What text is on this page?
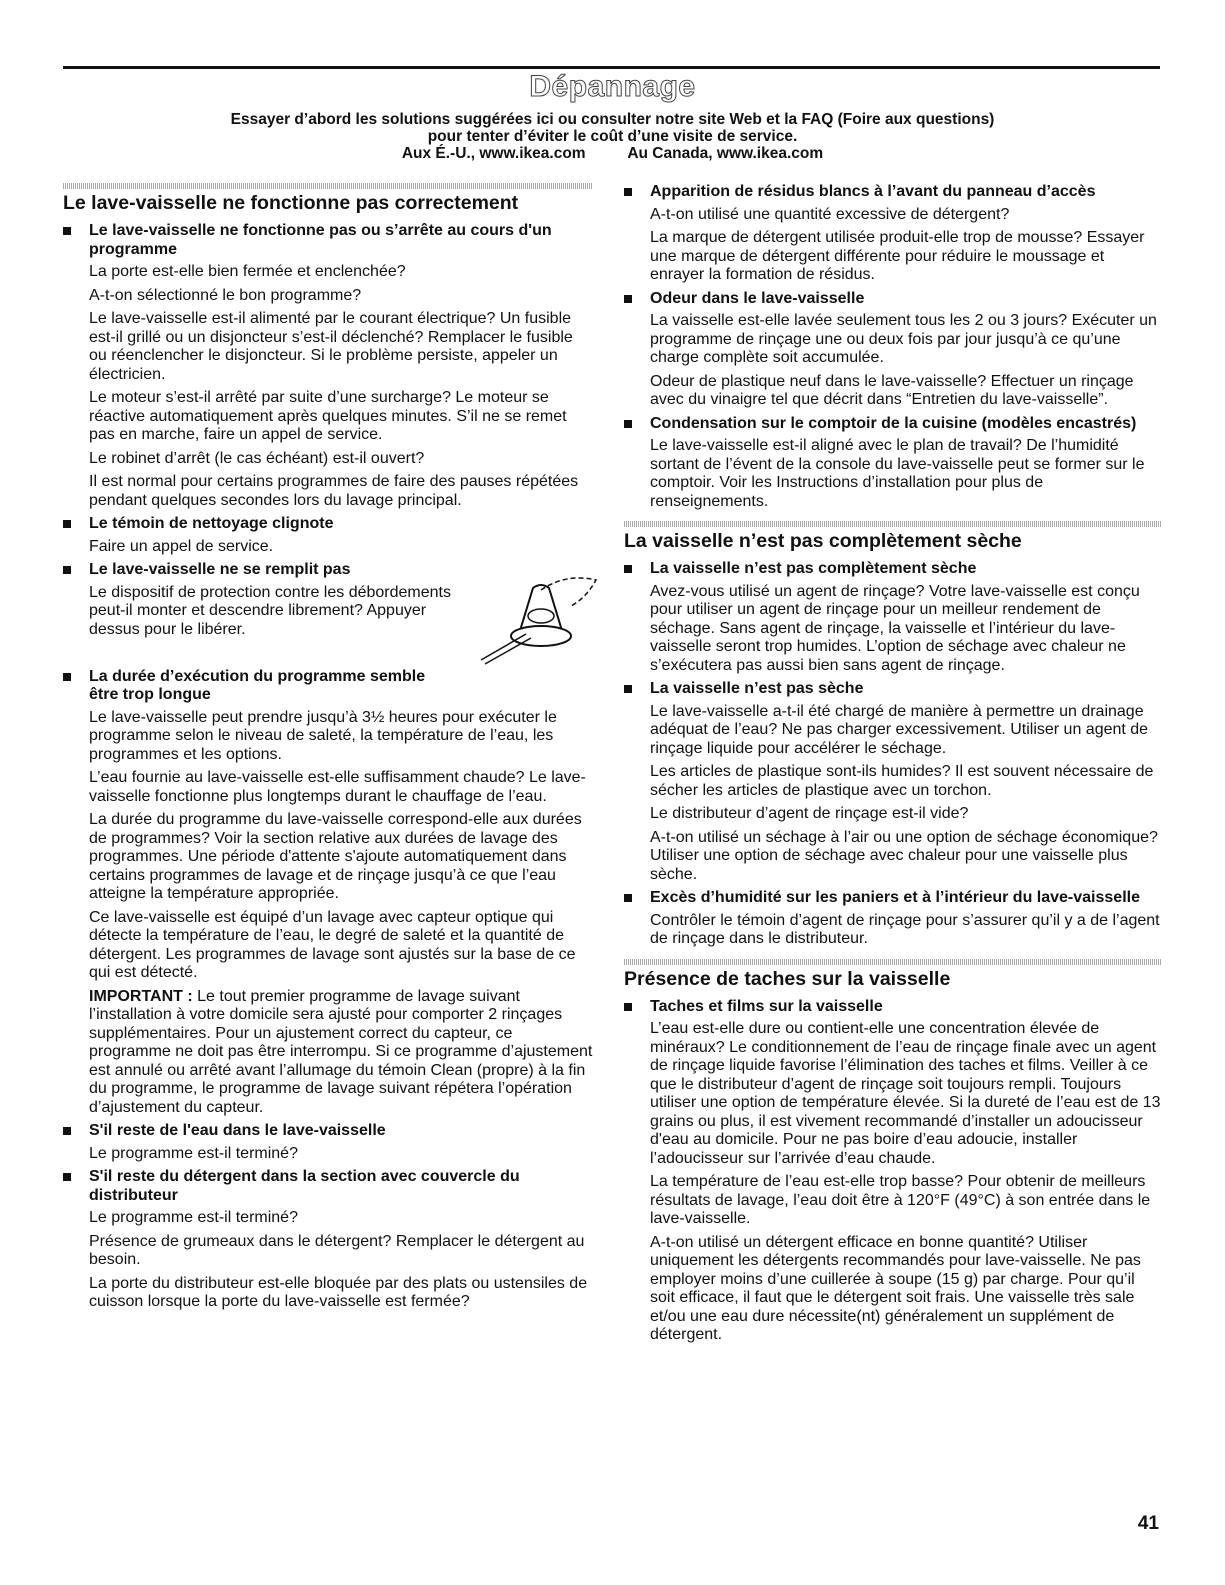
Dépannage
Essayer d’abord les solutions suggérées ici ou consulter notre site Web et la FAQ (Foire aux questions)
pour tenter d’éviter le coût d’une visite de service.
Aux É.-U., www.ikea.com	Au Canada, www.ikea.com
Le lave-vaisselle ne fonctionne pas correctement
Le lave-vaisselle ne fonctionne pas ou s’arrête au cours d'un programme

La porte est-elle bien fermée et enclenchée?

A-t-on sélectionné le bon programme?

Le lave-vaisselle est-il alimenté par le courant électrique? Un fusible est-il grillé ou un disjoncteur s’est-il déclenché? Remplacer le fusible ou réenclencher le disjoncteur. Si le problème persiste, appeler un électricien.

Le moteur s’est-il arrêté par suite d’une surcharge? Le moteur se réactive automatiquement après quelques minutes. S’il ne se remet pas en marche, faire un appel de service.

Le robinet d’arrêt (le cas échéant) est-il ouvert?

Il est normal pour certains programmes de faire des pauses répétées pendant quelques secondes lors du lavage principal.

Le témoin de nettoyage clignote

Faire un appel de service.

Le lave-vaisselle ne se remplit pas

Le dispositif de protection contre les débordements peut-il monter et descendre librement? Appuyer dessus pour le libérer.

La durée d’exécution du programme semble être trop longue

Le lave-vaisselle peut prendre jusqu’à 3½ heures pour exécuter le programme selon le niveau de saleté, la température de l’eau, les programmes et les options.

L’eau fournie au lave-vaisselle est-elle suffisamment chaude? Le lave-vaisselle fonctionne plus longtemps durant le chauffage de l’eau.

La durée du programme du lave-vaisselle correspond-elle aux durées de programmes? Voir la section relative aux durées de lavage des programmes. Une période d'attente s'ajoute automatiquement dans certains programmes de lavage et de rinçage jusqu’à ce que l’eau atteigne la température appropriée.

Ce lave-vaisselle est équipé d’un lavage avec capteur optique qui détecte la température de l’eau, le degré de saleté et la quantité de détergent. Les programmes de lavage sont ajustés sur la base de ce qui est détecté.

IMPORTANT : Le tout premier programme de lavage suivant l’installation à votre domicile sera ajusté pour comporter 2 rinçages supplémentaires. Pour un ajustement correct du capteur, ce programme ne doit pas être interrompu. Si ce programme d’ajustement est annulé ou arrêté avant l’allumage du témoin Clean (propre) à la fin du programme, le programme de lavage suivant répétera l’opération d’ajustement du capteur.

S'il reste de l'eau dans le lave-vaisselle

Le programme est-il terminé?

S'il reste du détergent dans la section avec couvercle du distributeur

Le programme est-il terminé?

Présence de grumeaux dans le détergent? Remplacer le détergent au besoin.

La porte du distributeur est-elle bloquée par des plats ou ustensiles de cuisson lorsque la porte du lave-vaisselle est fermée?

Apparition de résidus blancs à l’avant du panneau d’accès

A-t-on utilisé une quantité excessive de détergent?

La marque de détergent utilisée produit-elle trop de mousse? Essayer une marque de détergent différente pour réduire le moussage et enrayer la formation de résidus.

Odeur dans le lave-vaisselle

La vaisselle est-elle lavée seulement tous les 2 ou 3 jours? Exécuter un programme de rinçage une ou deux fois par jour jusqu’à ce qu’une charge complète soit accumulée.

Odeur de plastique neuf dans le lave-vaisselle? Effectuer un rinçage avec du vinaigre tel que décrit dans “Entretien du lave-vaisselle”.

Condensation sur le comptoir de la cuisine (modèles encastrés)

Le lave-vaisselle est-il aligné avec le plan de travail? De l’humidité sortant de l’évent de la console du lave-vaisselle peut se former sur le comptoir. Voir les Instructions d’installation pour plus de renseignements.

La vaisselle n’est pas complètement sèche
La vaisselle n’est pas complètement sèche

Avez-vous utilisé un agent de rinçage? Votre lave-vaisselle est conçu pour utiliser un agent de rinçage pour un meilleur rendement de séchage. Sans agent de rinçage, la vaisselle et l’intérieur du lave-vaisselle seront trop humides. L’option de séchage avec chaleur ne s’exécutera pas aussi bien sans agent de rinçage.

La vaisselle n’est pas sèche

Le lave-vaisselle a-t-il été chargé de manière à permettre un drainage adéquat de l’eau? Ne pas charger excessivement. Utiliser un agent de rinçage liquide pour accélérer le séchage.

Les articles de plastique sont-ils humides? Il est souvent nécessaire de sécher les articles de plastique avec un torchon.

Le distributeur d’agent de rinçage est-il vide?

A-t-on utilisé un séchage à l’air ou une option de séchage économique? Utiliser une option de séchage avec chaleur pour une vaisselle plus sèche.

Excès d’humidité sur les paniers et à l’intérieur du lave-vaisselle

Contrôler le témoin d’agent de rinçage pour s’assurer qu’il y a de l’agent de rinçage dans le distributeur.

Présence de taches sur la vaisselle
Taches et films sur la vaisselle

L’eau est-elle dure ou contient-elle une concentration élevée de minéraux? Le conditionnement de l’eau de rinçage finale avec un agent de rinçage liquide favorise l’élimination des taches et films. Veiller à ce que le distributeur d’agent de rinçage soit toujours rempli. Toujours utiliser une option de température élevée. Si la dureté de l’eau est de 13 grains ou plus, il est vivement recommandé d’installer un adoucisseur d'eau au domicile. Pour ne pas boire d’eau adoucie, installer l’adoucisseur sur l’arrivée d’eau chaude.

La température de l’eau est-elle trop basse? Pour obtenir de meilleurs résultats de lavage, l’eau doit être à 120°F (49°C) à son entrée dans le lave-vaisselle.

A-t-on utilisé un détergent efficace en bonne quantité? Utiliser uniquement les détergents recommandés pour lave-vaisselle. Ne pas employer moins d’une cuillerée à soupe (15 g) par charge. Pour qu’il soit efficace, il faut que le détergent soit frais. Une vaisselle très sale et/ou une eau dure nécessite(nt) généralement un supplément de détergent.

41
